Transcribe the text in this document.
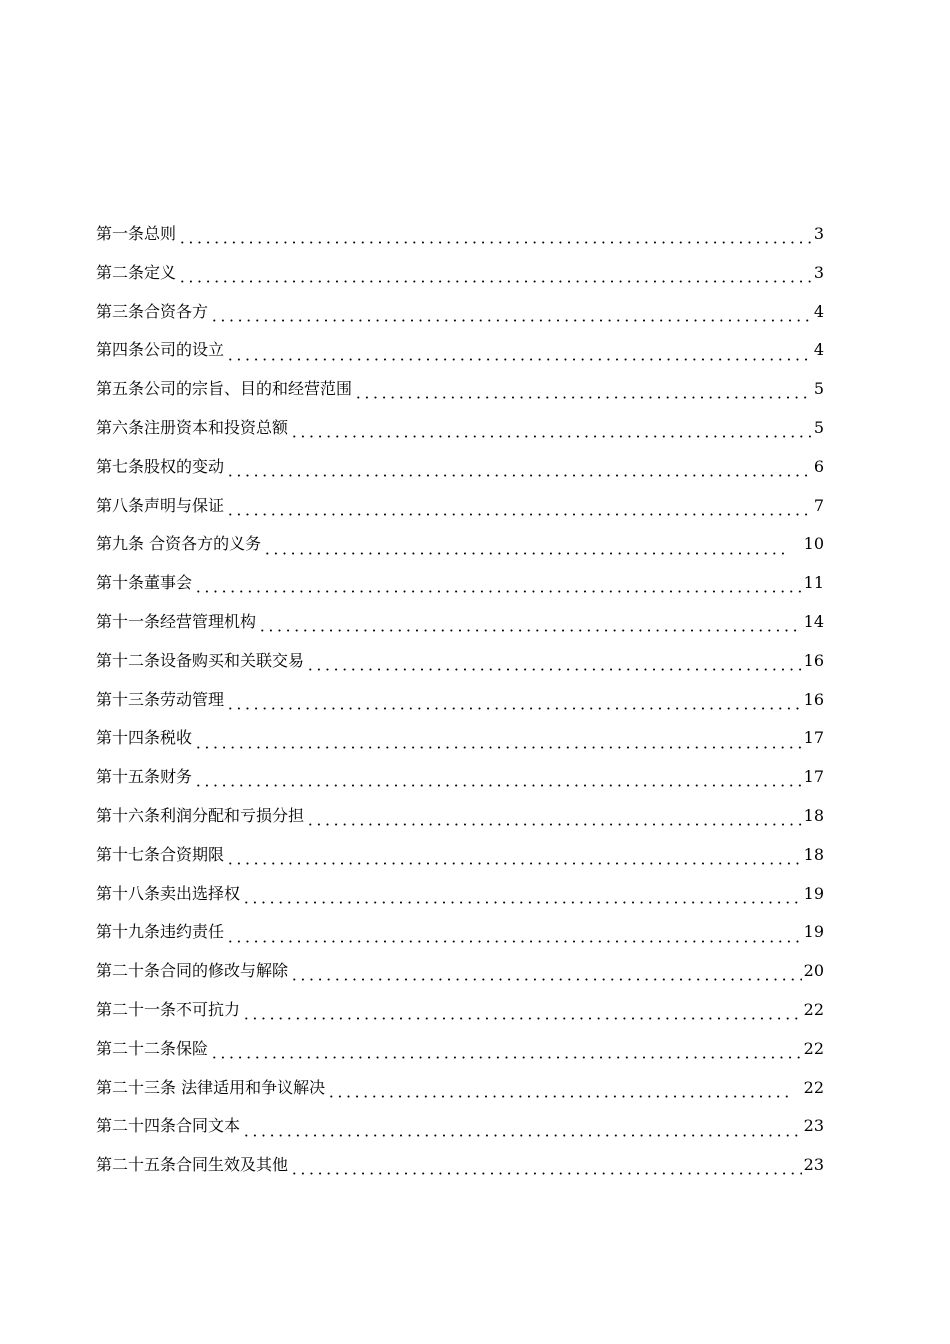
第一条总则	3
第二条定义	3
第三条合资各方	4
第四条公司的设立	4
第五条公司的宗旨、目的和经营范围	5
第六条注册资本和投资总额	5
第七条股权的变动	6
第八条声明与保证	7
第九条 合资各方的义务	10
第十条董事会	11
第十一条经营管理机构	14
第十二条设备购买和关联交易	16
第十三条劳动管理	16
第十四条税收	17
第十五条财务	17
第十六条利润分配和亏损分担	18
第十七条合资期限	18
第十八条卖出选择权	19
第十九条违约责任	19
第二十条合同的修改与解除	20
第二十一条不可抗力	22
第二十二条保险	22
第二十三条 法律适用和争议解决	22
第二十四条合同文本	23
第二十五条合同生效及其他	23
